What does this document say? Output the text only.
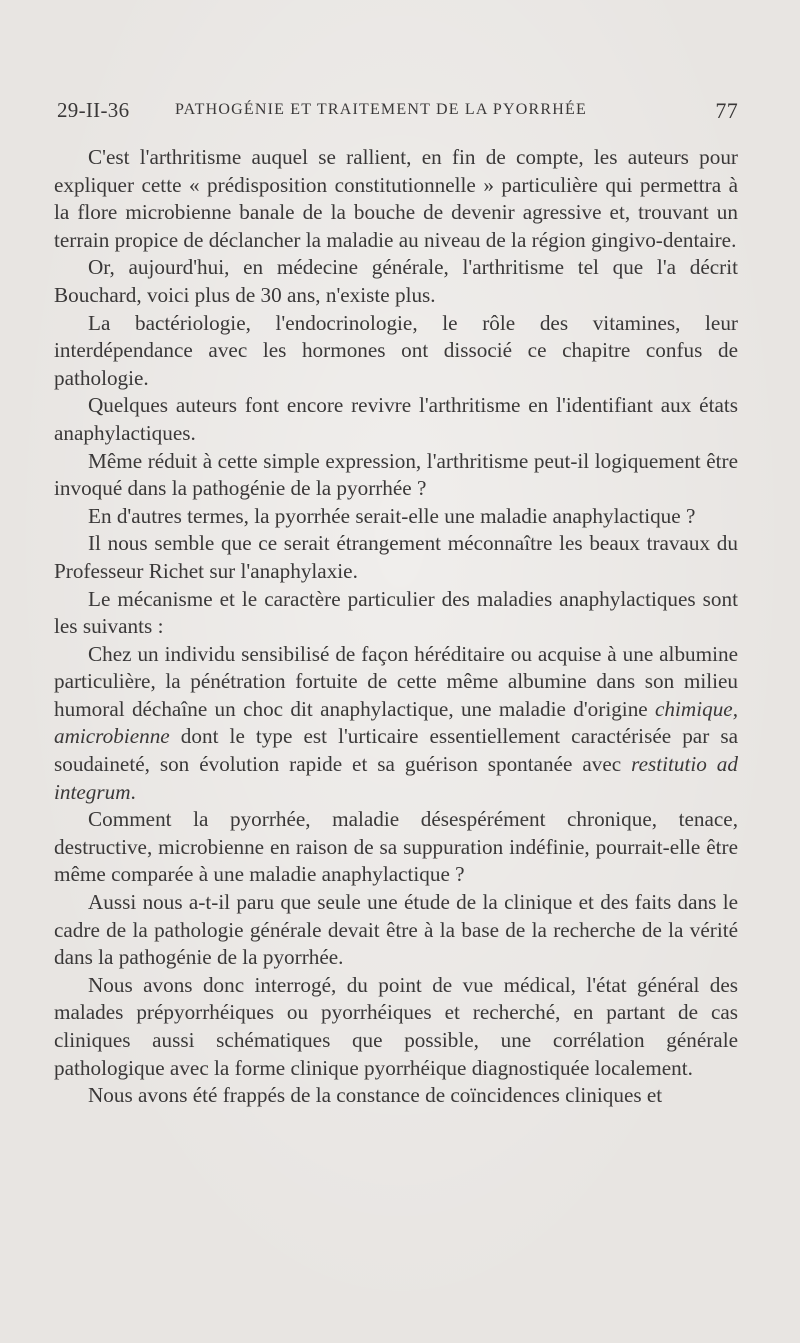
29-II-36	PATHOGÉNIE ET TRAITEMENT DE LA PYORRHÉE	77

C'est l'arthritisme auquel se rallient, en fin de compte, les auteurs pour expliquer cette « prédisposition constitutionnelle » particulière qui permettra à la flore microbienne banale de la bouche de devenir agressive et, trouvant un terrain propice de déclancher la maladie au niveau de la région gingivo-dentaire.

Or, aujourd'hui, en médecine générale, l'arthritisme tel que l'a décrit Bouchard, voici plus de 30 ans, n'existe plus.

La bactériologie, l'endocrinologie, le rôle des vitamines, leur interdépendance avec les hormones ont dissocié ce chapitre confus de pathologie.

Quelques auteurs font encore revivre l'arthritisme en l'identifiant aux états anaphylactiques.

Même réduit à cette simple expression, l'arthritisme peut-il logiquement être invoqué dans la pathogénie de la pyorrhée ?

En d'autres termes, la pyorrhée serait-elle une maladie anaphylactique ?

Il nous semble que ce serait étrangement méconnaître les beaux travaux du Professeur Richet sur l'anaphylaxie.

Le mécanisme et le caractère particulier des maladies anaphylactiques sont les suivants :

Chez un individu sensibilisé de façon héréditaire ou acquise à une albumine particulière, la pénétration fortuite de cette même albumine dans son milieu humoral déchaîne un choc dit anaphylactique, une maladie d'origine chimique, amicrobienne dont le type est l'urticaire essentiellement caractérisée par sa soudaineté, son évolution rapide et sa guérison spontanée avec restitutio ad integrum.

Comment la pyorrhée, maladie désespérément chronique, tenace, destructive, microbienne en raison de sa suppuration indéfinie, pourrait-elle être même comparée à une maladie anaphylactique ?

Aussi nous a-t-il paru que seule une étude de la clinique et des faits dans le cadre de la pathologie générale devait être à la base de la recherche de la vérité dans la pathogénie de la pyorrhée.

Nous avons donc interrogé, du point de vue médical, l'état général des malades prépyorrhéiques ou pyorrhéiques et recherché, en partant de cas cliniques aussi schématiques que possible, une corrélation générale pathologique avec la forme clinique pyorrhéique diagnostiquée localement.

Nous avons été frappés de la constance de coïncidences cliniques et
